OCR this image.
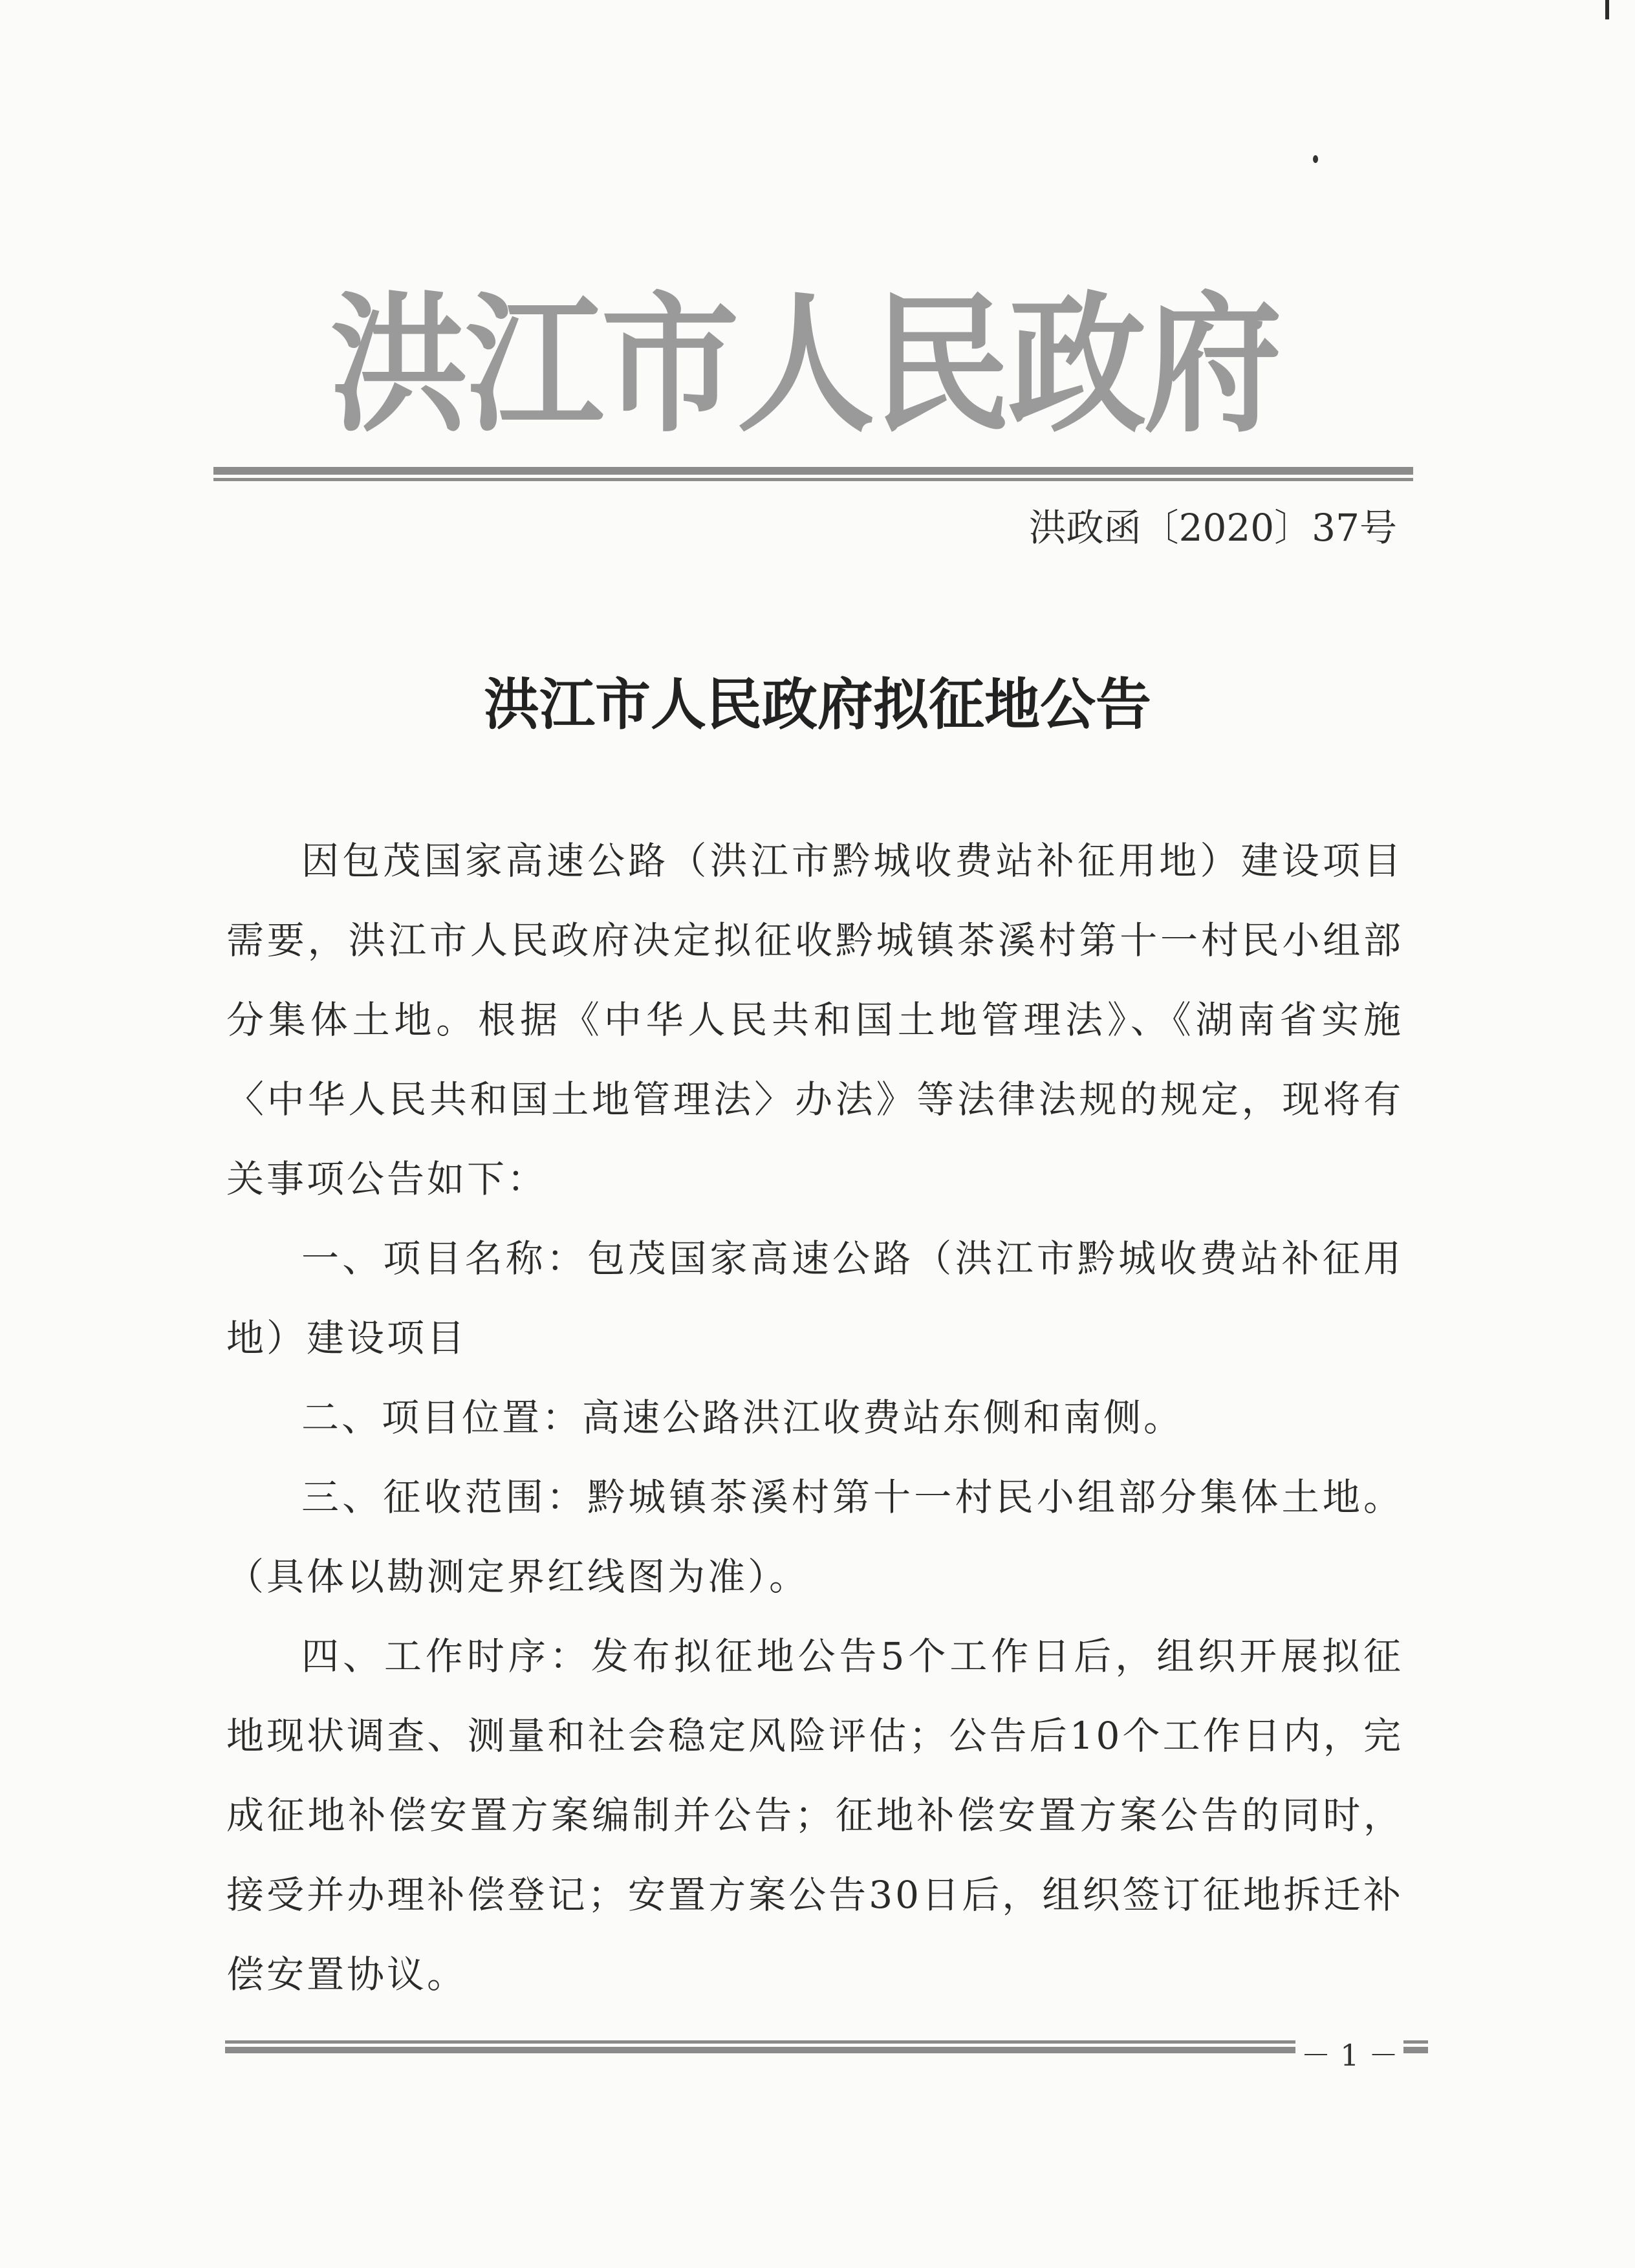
洪江市人民政府
洪政函〔2020〕37号
洪江市人民政府拟征地公告

因包茂国家高速公路（洪江市黔城收费站补征用地）建设项目需要，洪江市人民政府决定拟征收黔城镇茶溪村第十一村民小组部分集体土地。根据《中华人民共和国土地管理法》、《湖南省实施〈中华人民共和国土地管理法〉办法》等法律法规的规定，现将有关事项公告如下：

一、项目名称：包茂国家高速公路（洪江市黔城收费站补征用地）建设项目

二、项目位置：高速公路洪江收费站东侧和南侧。

三、征收范围：黔城镇茶溪村第十一村民小组部分集体土地。（具体以勘测定界红线图为准）。

四、工作时序：发布拟征地公告5个工作日后，组织开展拟征地现状调查、测量和社会稳定风险评估；公告后10个工作日内，完成征地补偿安置方案编制并公告；征地补偿安置方案公告的同时，接受并办理补偿登记；安置方案公告30日后，组织签订征地拆迁补偿安置协议。

－ 1 －
